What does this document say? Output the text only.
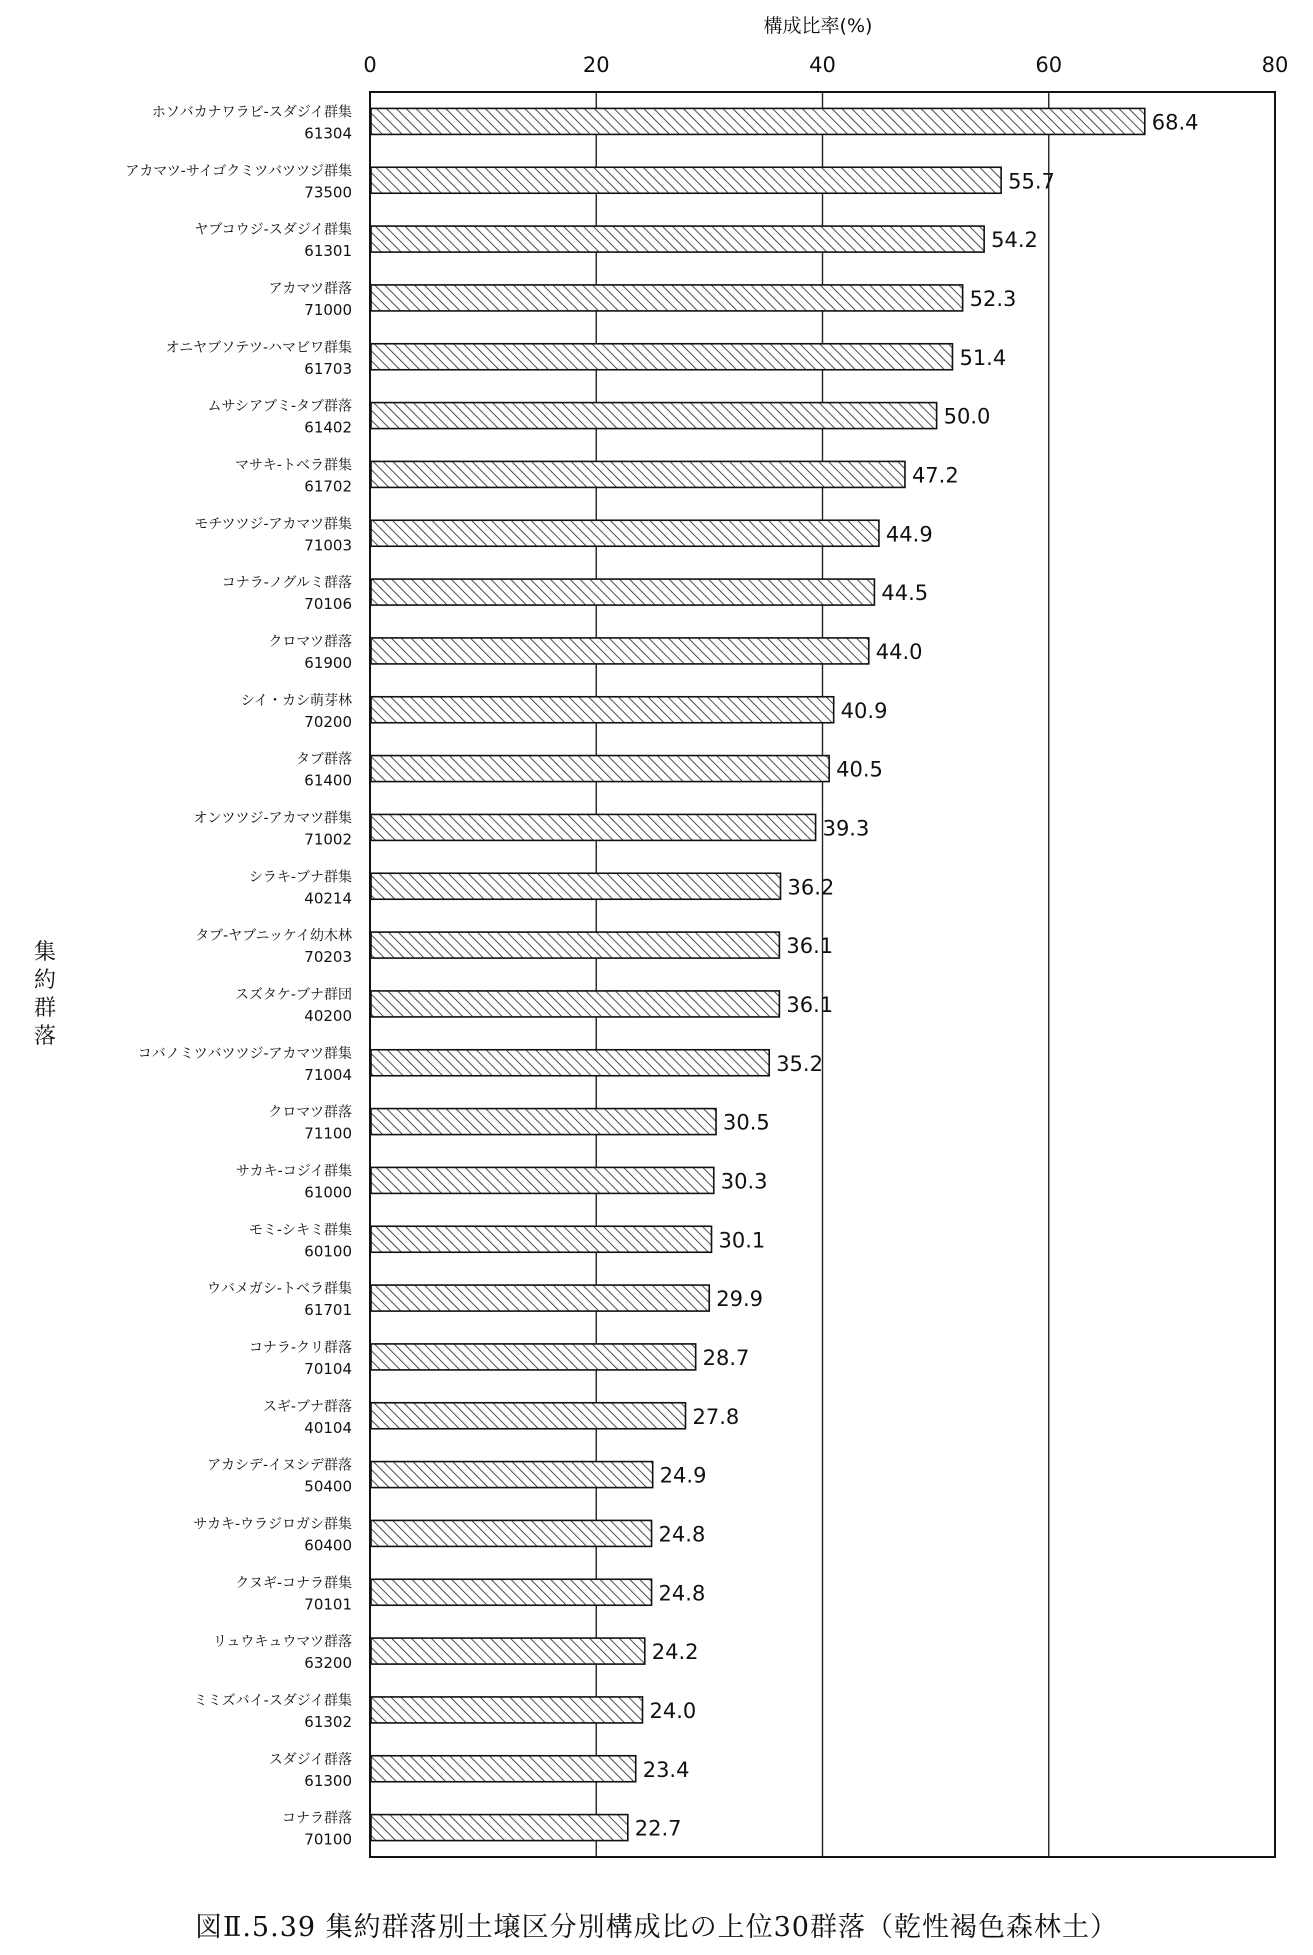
構成比率(%)
集約群落
0	20	40	60	80
ホソバカナワラビ-スダジイ群集
61304
アカマツ-サイゴクミツバツツジ群集
73500
ヤブコウジ-スダジイ群集
61301
アカマツ群落
71000
オニヤブソテツ-ハマビワ群集
61703
ムサシアブミ-タブ群落
61402
マサキ-トベラ群集
61702
モチツツジ-アカマツ群集
71003
コナラ-ノグルミ群落
70106
クロマツ群落
61900
シイ・カシ萌芽林
70200
タブ群落
61400
オンツツジ-アカマツ群集
71002
シラキ-ブナ群集
40214
タブ-ヤブニッケイ幼木林
70203
スズタケ-ブナ群団
40200
コバノミツバツツジ-アカマツ群集
71004
クロマツ群落
71100
サカキ-コジイ群集
61000
モミ-シキミ群集
60100
ウバメガシ-トベラ群集
61701
コナラ-クリ群落
70104
スギ-ブナ群落
40104
アカシデ-イヌシデ群落
50400
サカキ-ウラジロガシ群集
60400
クヌギ-コナラ群集
70101
リュウキュウマツ群落
63200
ミミズバイ-スダジイ群集
61302
スダジイ群落
61300
コナラ群落
70100
68.4
55.7
54.2
52.3
51.4
50.0
47.2
44.9
44.5
44.0
40.9
40.5
39.3
36.2
36.1
36.1
35.2
30.5
30.3
30.1
29.9
28.7
27.8
24.9
24.8
24.8
24.2
24.0
23.4
22.7
図Ⅱ.5.39 集約群落別土壌区分別構成比の上位30群落（乾性褐色森林土）
